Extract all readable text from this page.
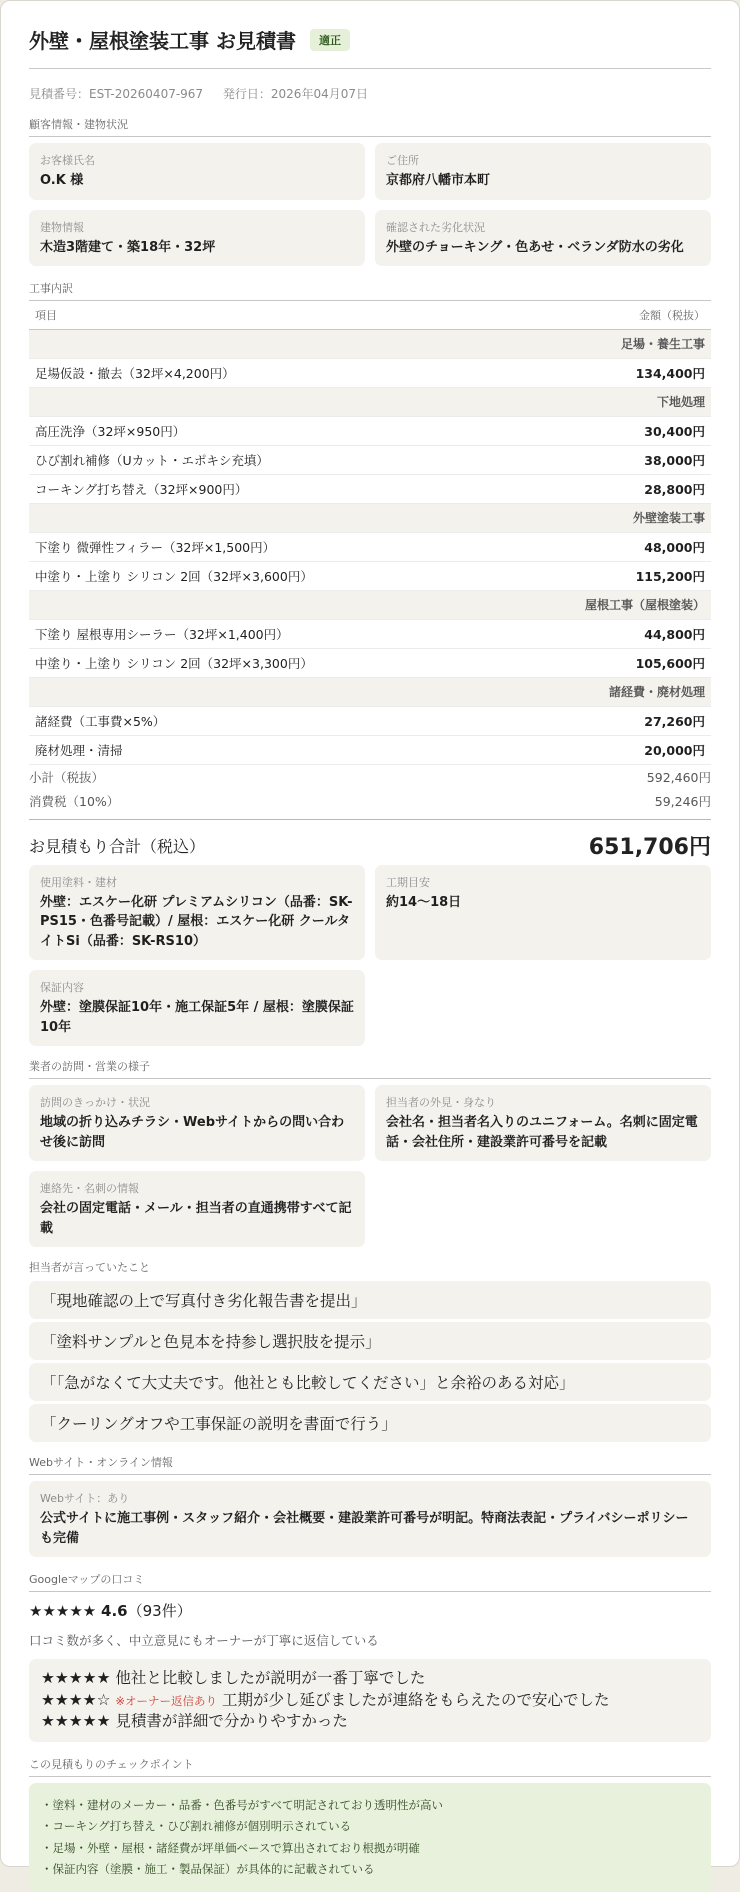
外壁・屋根塗装工事 お見積書	適正
見積番号：EST-20260407-967 発行日：2026年04月07日
顧客情報・建物状況
お客様氏名
O.K 様
ご住所
京都府八幡市本町
建物情報
木造3階建て・築18年・32坪
確認された劣化状況
外壁のチョーキング・色あせ・ベランダ防水の劣化
工事内訳
項目	金額（税抜）
足場・養生工事	
足場仮設・撤去（32坪×4,200円）	134,400円
下地処理	
高圧洗浄（32坪×950円）	30,400円
ひび割れ補修（Uカット・エポキシ充填）	38,000円
コーキング打ち替え（32坪×900円）	28,800円
外壁塗装工事	
下塗り 微弾性フィラー（32坪×1,500円）	48,000円
中塗り・上塗り シリコン 2回（32坪×3,600円）	115,200円
屋根工事（屋根塗装）	
下塗り 屋根専用シーラー（32坪×1,400円）	44,800円
中塗り・上塗り シリコン 2回（32坪×3,300円）	105,600円
諸経費・廃材処理	
諸経費（工事費×5%）	27,260円
廃材処理・清掃	20,000円
小計（税抜）	592,460円
消費税（10%）	59,246円
お見積もり合計（税込）	651,706円
使用塗料・建材
外壁：エスケー化研 プレミアムシリコン（品番：SK-PS15・色番号記載）/ 屋根：エスケー化研 クールタイトSi（品番：SK-RS10）
工期目安
約14〜18日
保証内容
外壁：塗膜保証10年・施工保証5年 / 屋根：塗膜保証10年
業者の訪問・営業の様子
訪問のきっかけ・状況
地域の折り込みチラシ・Webサイトからの問い合わせ後に訪問
担当者の外見・身なり
会社名・担当者名入りのユニフォーム。名刺に固定電話・会社住所・建設業許可番号を記載
連絡先・名刺の情報
会社の固定電話・メール・担当者の直通携帯すべて記載
担当者が言っていたこと
「現地確認の上で写真付き劣化報告書を提出」
「塗料サンプルと色見本を持参し選択肢を提示」
「「急がなくて大丈夫です。他社とも比較してください」と余裕のある対応」
「クーリングオフや工事保証の説明を書面で行う」
Webサイト・オンライン情報
Webサイト：あり
公式サイトに施工事例・スタッフ紹介・会社概要・建設業許可番号が明記。特商法表記・プライバシーポリシーも完備
Googleマップの口コミ
★★★★★ 4.6（93件）
口コミ数が多く、中立意見にもオーナーが丁寧に返信している
★★★★★ 他社と比較しましたが説明が一番丁寧でした
★★★★☆ ※オーナー返信あり 工期が少し延びましたが連絡をもらえたので安心でした
★★★★★ 見積書が詳細で分かりやすかった
この見積もりのチェックポイント
・塗料・建材のメーカー・品番・色番号がすべて明記されており透明性が高い
・コーキング打ち替え・ひび割れ補修が個別明示されている
・足場・外壁・屋根・諸経費が坪単価ベースで算出されており根拠が明確
・保証内容（塗膜・施工・製品保証）が具体的に記載されている
